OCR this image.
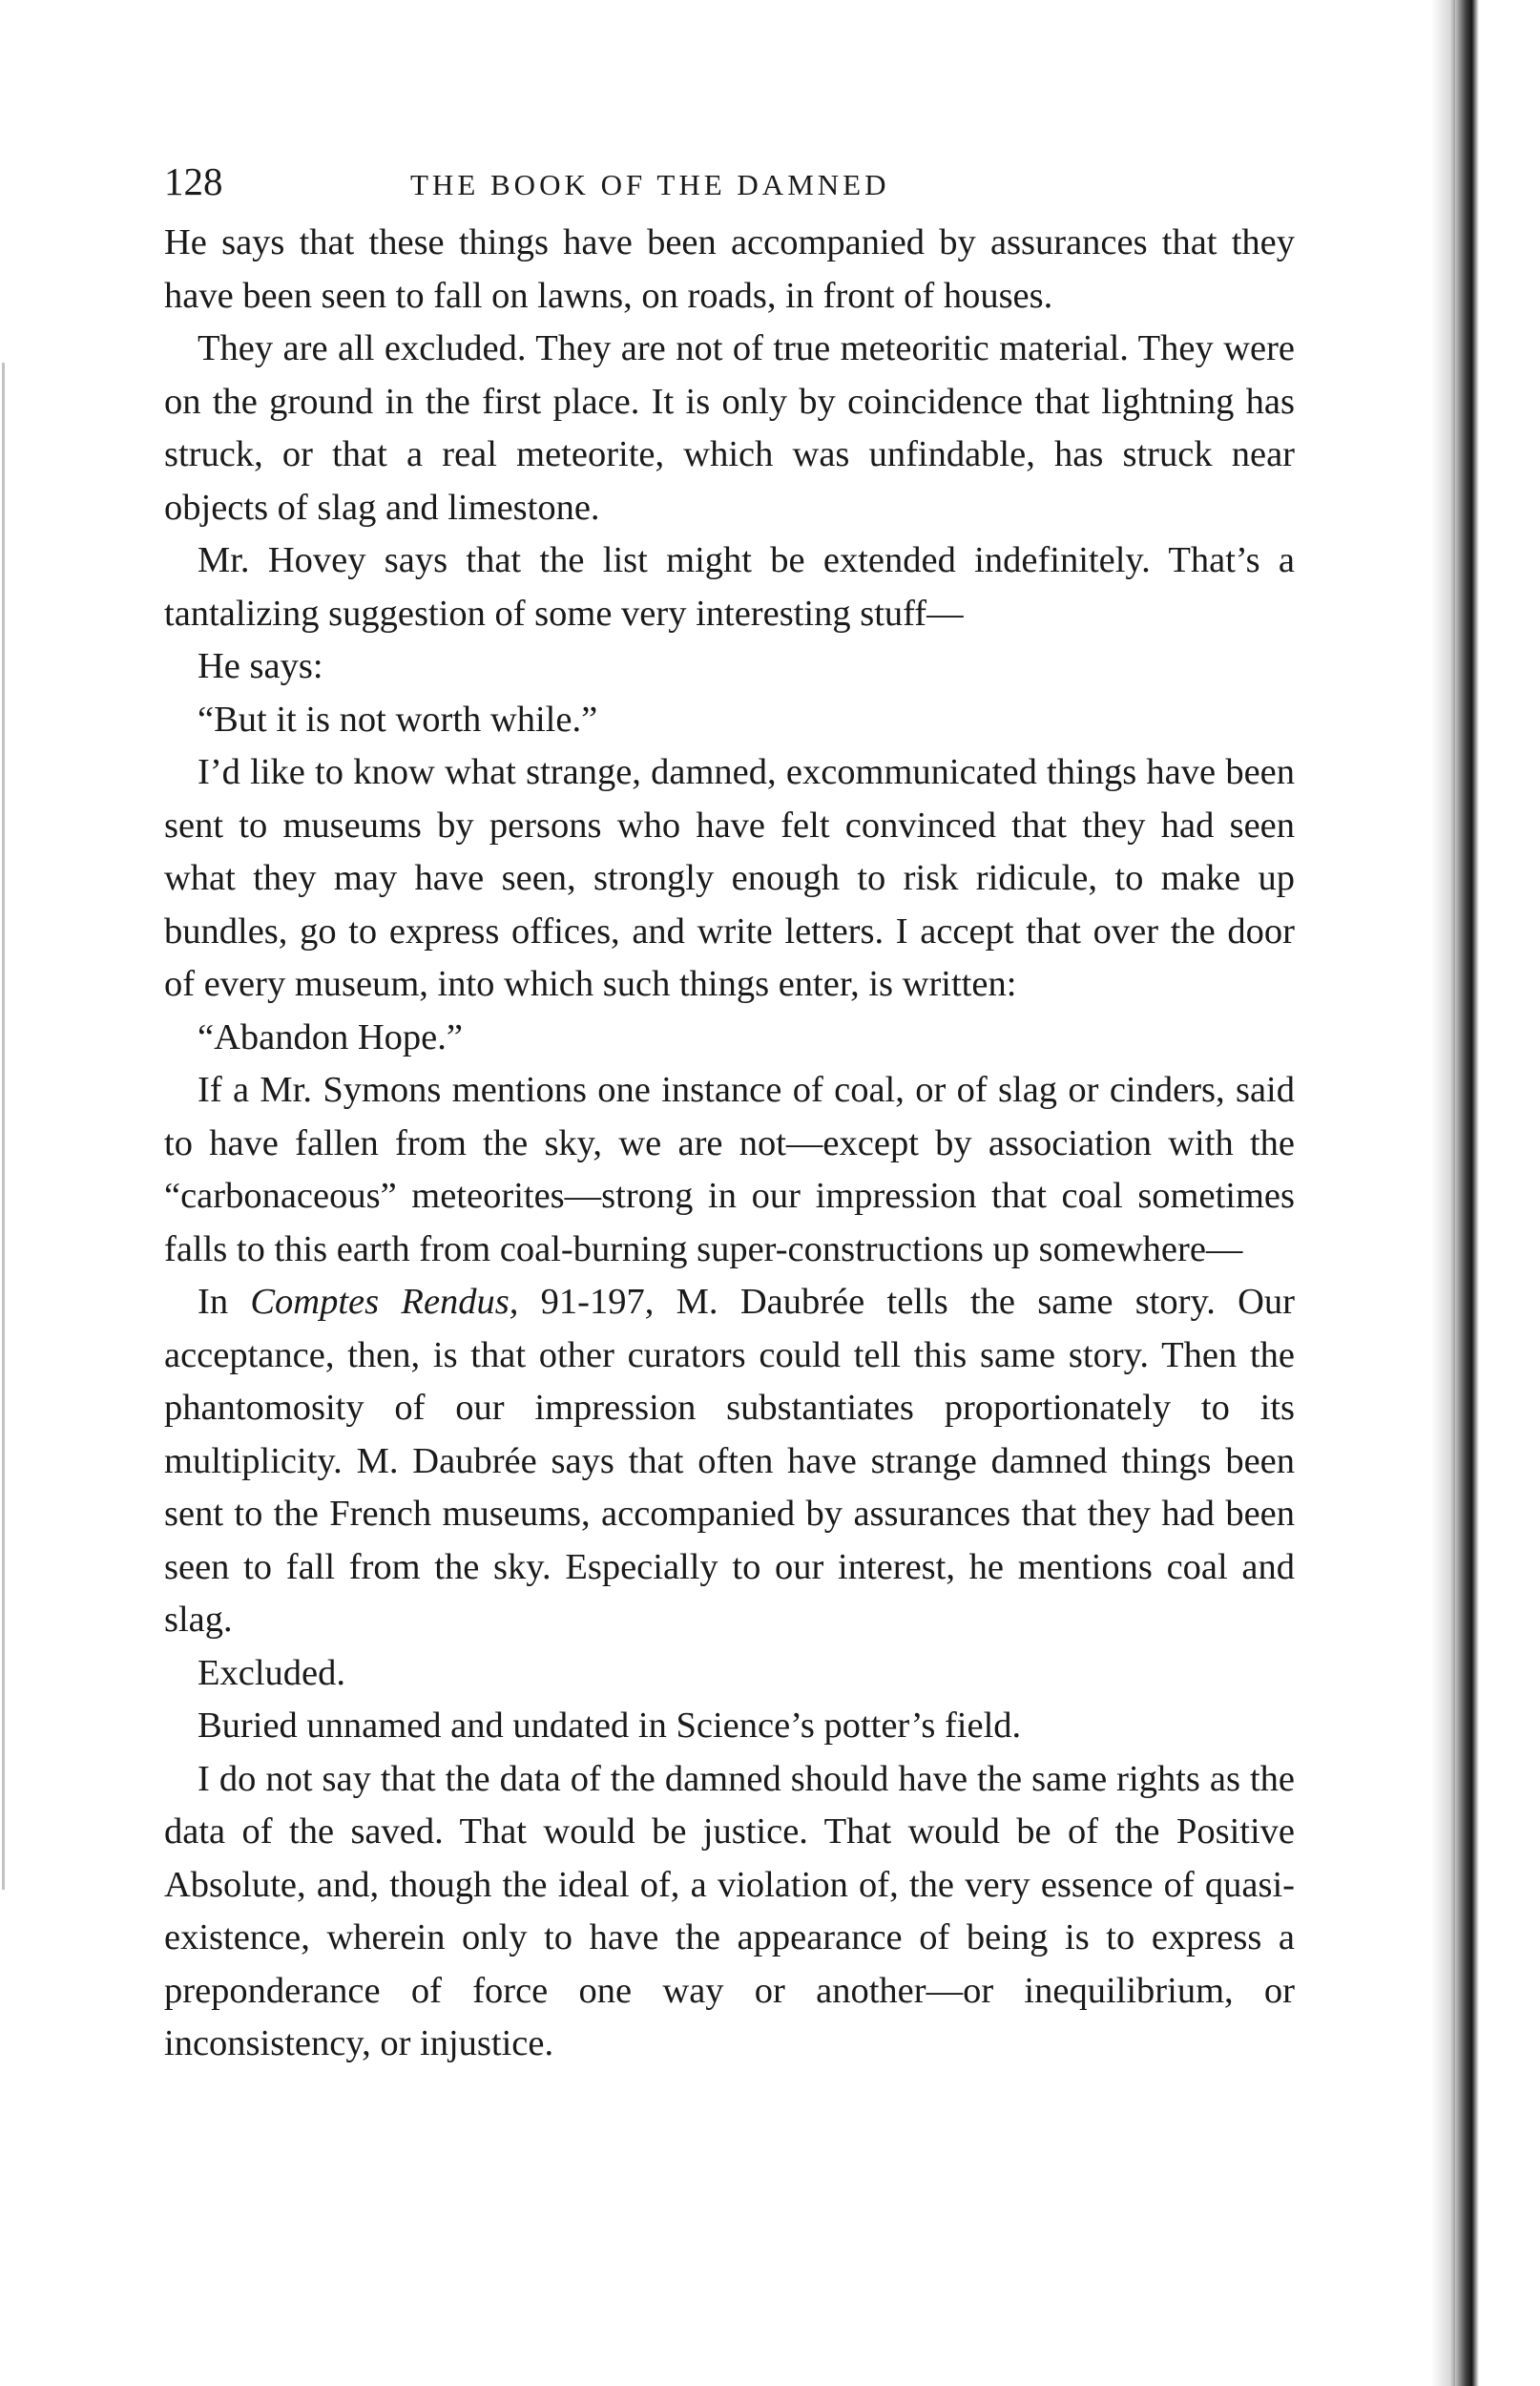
128	THE BOOK OF THE DAMNED

He says that these things have been accompanied by assurances that they have been seen to fall on lawns, on roads, in front of houses.

They are all excluded. They are not of true meteoritic material. They were on the ground in the first place. It is only by coincidence that lightning has struck, or that a real meteorite, which was unfindable, has struck near objects of slag and limestone.

Mr. Hovey says that the list might be extended indefinitely. That’s a tantalizing suggestion of some very interesting stuff—

He says:

“But it is not worth while.”

I’d like to know what strange, damned, excommunicated things have been sent to museums by persons who have felt convinced that they had seen what they may have seen, strongly enough to risk ridicule, to make up bundles, go to express offices, and write letters. I accept that over the door of every museum, into which such things enter, is written:

“Abandon Hope.”

If a Mr. Symons mentions one instance of coal, or of slag or cinders, said to have fallen from the sky, we are not—except by association with the “carbonaceous” meteorites—strong in our impression that coal sometimes falls to this earth from coal-burning super-constructions up somewhere—

In Comptes Rendus, 91-197, M. Daubrée tells the same story. Our acceptance, then, is that other curators could tell this same story. Then the phantomosity of our impression substantiates proportionately to its multiplicity. M. Daubrée says that often have strange damned things been sent to the French museums, accompanied by assurances that they had been seen to fall from the sky. Especially to our interest, he mentions coal and slag.

Excluded.

Buried unnamed and undated in Science’s potter’s field.

I do not say that the data of the damned should have the same rights as the data of the saved. That would be justice. That would be of the Positive Absolute, and, though the ideal of, a violation of, the very essence of quasi-existence, wherein only to have the appearance of being is to express a preponderance of force one way or another—or inequilibrium, or inconsistency, or injustice.
